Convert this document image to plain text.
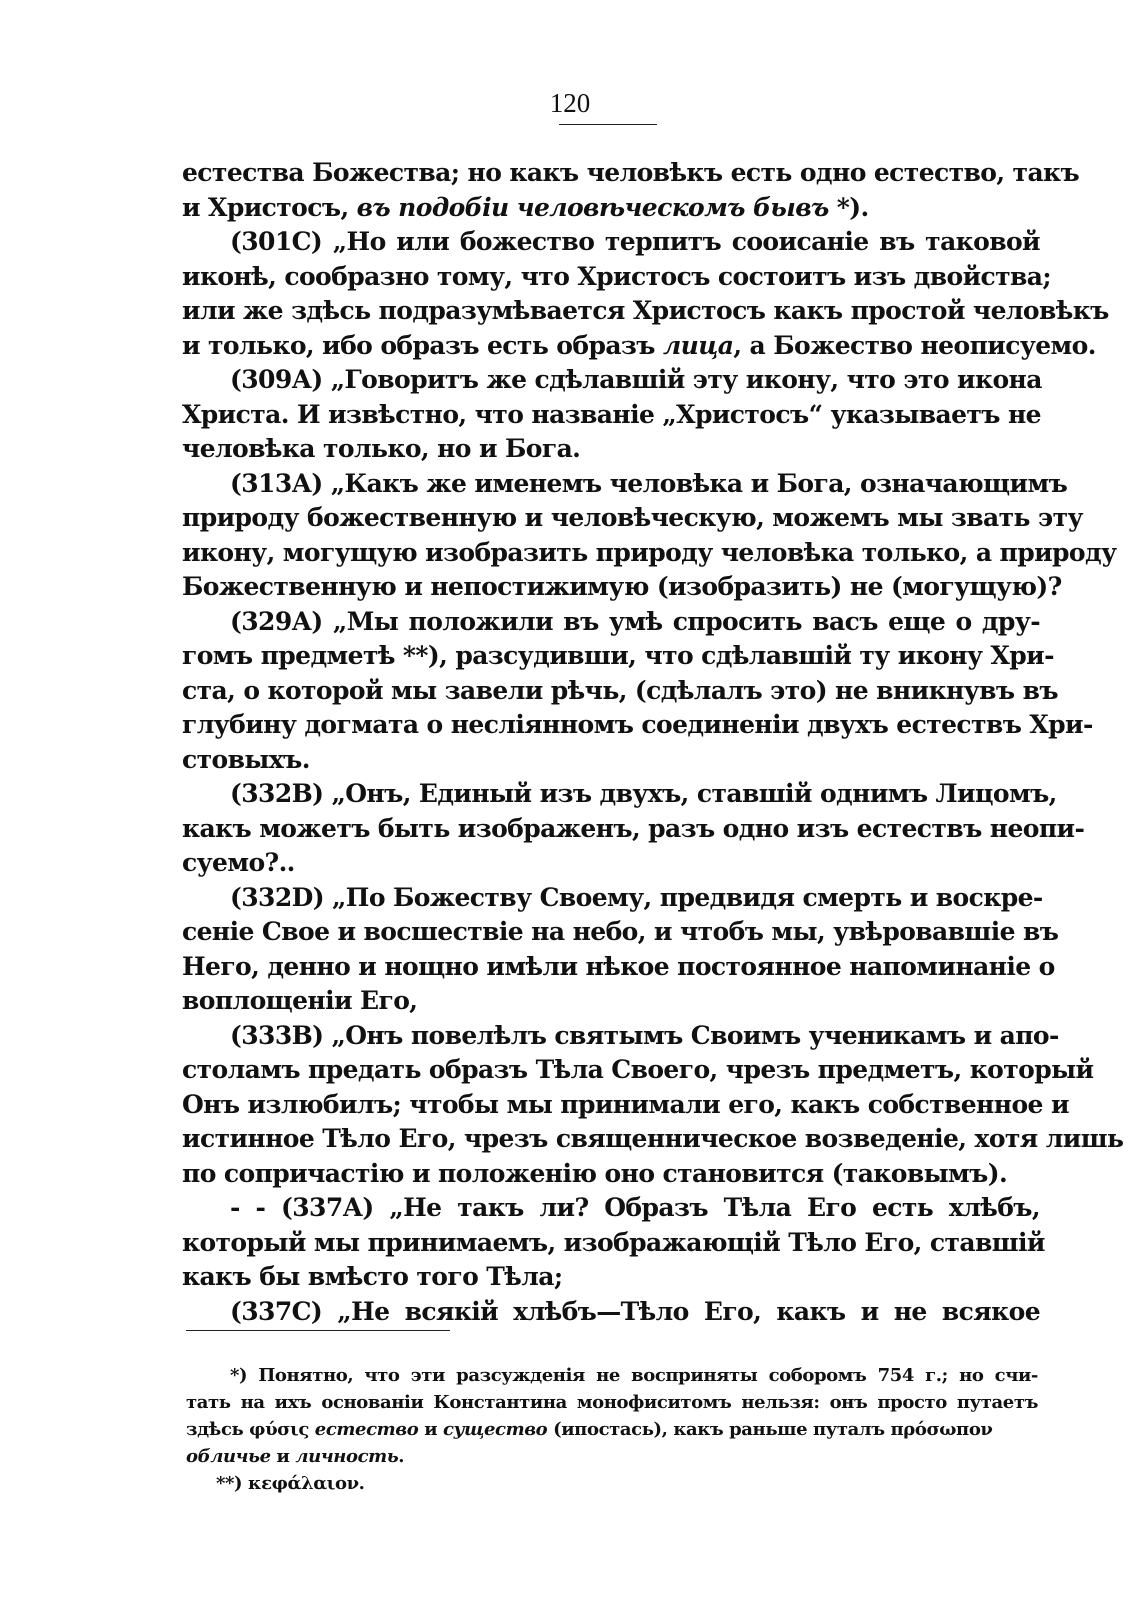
120
естества Божества; но какъ человѣкъ есть одно естество, такъ
и Христосъ, въ подобіи человѣческомъ бывъ *).
(301С) „Но или божество терпитъ сооисаніе въ таковой
иконѣ, сообразно тому, что Христосъ состоитъ изъ двойства;
или же здѣсь подразумѣвается Христосъ какъ простой человѣкъ
и только, ибо образъ есть образъ лица, а Божество неописуемо.
(309А) „Говоритъ же сдѣлавшій эту икону, что это икона
Христа. И извѣстно, что названіе „Христосъ“ указываетъ не
человѣка только, но и Бога.
(313А) „Какъ же именемъ человѣка и Бога, означающимъ
природу божественную и человѣческую, можемъ мы звать эту
икону, могущую изобразить природу человѣка только, а природу
Божественную и непостижимую (изобразить) не (могущую)?
(329А) „Мы положили въ умѣ спросить васъ еще о дру-
гомъ предметѣ **), разсудивши, что сдѣлавшій ту икону Хри-
ста, о которой мы завели рѣчь, (сдѣлалъ это) не вникнувъ въ
глубину догмата о несліянномъ соединеніи двухъ естествъ Хри-
стовыхъ.
(332В) „Онъ, Единый изъ двухъ, ставшій однимъ Лицомъ,
какъ можетъ быть изображенъ, разъ одно изъ естествъ неопи-
суемо?..
(332D) „По Божеству Своему, предвидя смерть и воскре-
сеніе Свое и восшествіе на небо, и чтобъ мы, увѣровавшіе въ
Него, денно и нощно имѣли нѣкое постоянное напоминаніе о
воплощеніи Его,
(333В) „Онъ повелѣлъ святымъ Своимъ ученикамъ и апо-
столамъ предать образъ Тѣла Своего, чрезъ предметъ, который
Онъ излюбилъ; чтобы мы принимали его, какъ собственное и
истинное Тѣло Его, чрезъ священническое возведеніе, хотя лишь
по сопричастію и положенію оно становится (таковымъ).
- - (337А) „Не такъ ли? Образъ Тѣла Его есть хлѣбъ,
который мы принимаемъ, изображающій Тѣло Его, ставшій
какъ бы вмѣсто того Тѣла;
(337С) „Не всякій хлѣбъ—Тѣло Его, какъ и не всякое
*) Понятно, что эти разсужденія не восприняты соборомъ 754 г.; но счи-
тать на ихъ основаніи Константина монофиситомъ нельзя: онъ просто путаетъ
здѣсь φύσις естество и существо (ипостась), какъ раньше путалъ πρόσωπον
обличье и личность.
**) κεφάλαιον.
